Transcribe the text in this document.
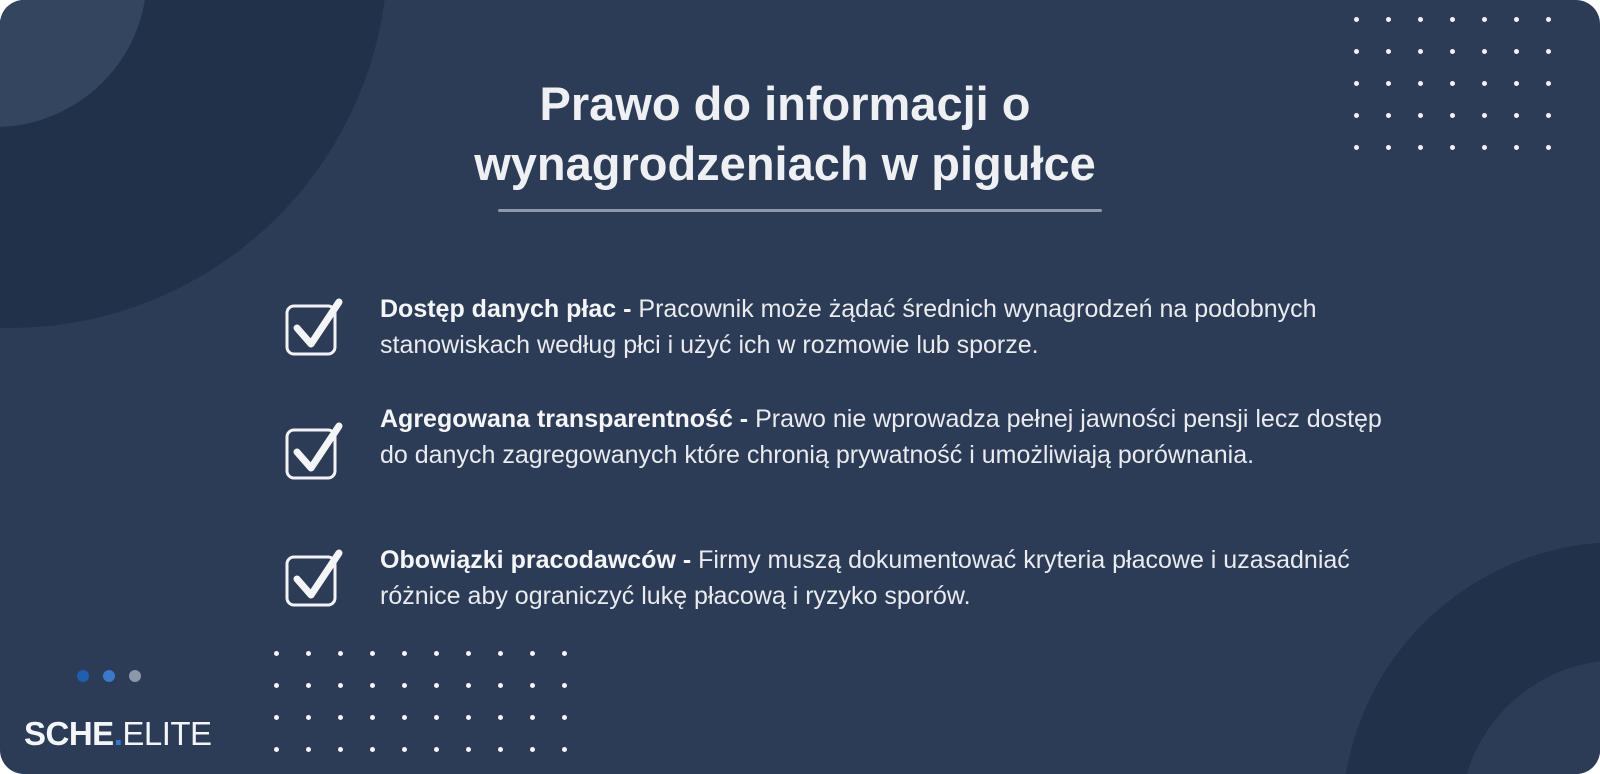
Prawo do informacji o wynagrodzeniach w pigułce

Dostęp danych płac - Pracownik może żądać średnich wynagrodzeń na podobnych stanowiskach według płci i użyć ich w rozmowie lub sporze.

Agregowana transparentność - Prawo nie wprowadza pełnej jawności pensji lecz dostęp do danych zagregowanych które chronią prywatność i umożliwiają porównania.

Obowiązki pracodawców - Firmy muszą dokumentować kryteria płacowe i uzasadniać różnice aby ograniczyć lukę płacową i ryzyko sporów.

SCHE.ELITE
